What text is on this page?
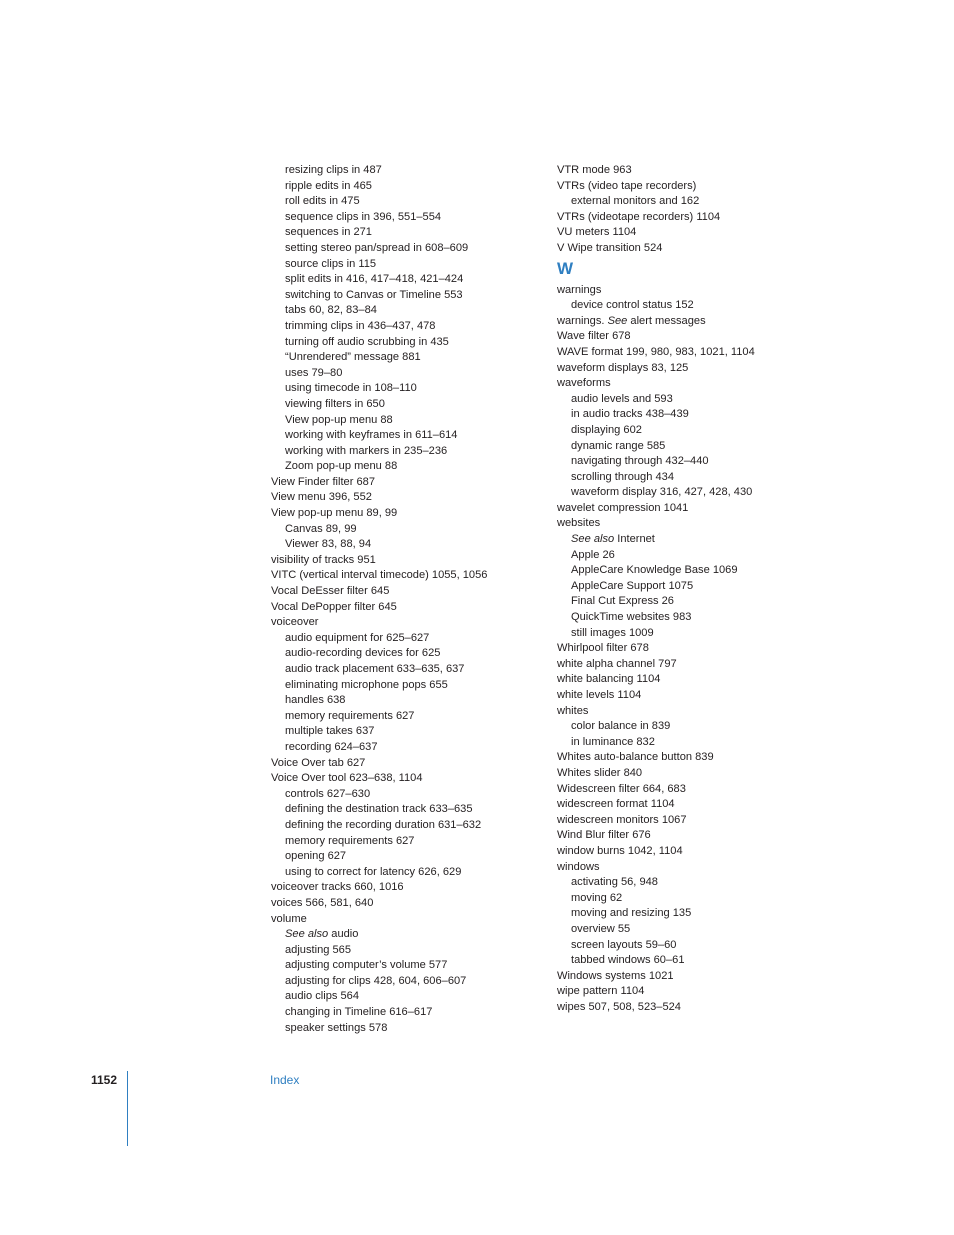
resizing clips in 487
ripple edits in 465
roll edits in 475
sequence clips in 396, 551–554
sequences in 271
setting stereo pan/spread in 608–609
source clips in 115
split edits in 416, 417–418, 421–424
switching to Canvas or Timeline 553
tabs 60, 82, 83–84
trimming clips in 436–437, 478
turning off audio scrubbing in 435
“Unrendered” message 881
uses 79–80
using timecode in 108–110
viewing filters in 650
View pop-up menu 88
working with keyframes in 611–614
working with markers in 235–236
Zoom pop-up menu 88
View Finder filter 687
View menu 396, 552
View pop-up menu 89, 99
Canvas 89, 99
Viewer 83, 88, 94
visibility of tracks 951
VITC (vertical interval timecode) 1055, 1056
Vocal DeEsser filter 645
Vocal DePopper filter 645
voiceover
audio equipment for 625–627
audio-recording devices for 625
audio track placement 633–635, 637
eliminating microphone pops 655
handles 638
memory requirements 627
multiple takes 637
recording 624–637
Voice Over tab 627
Voice Over tool 623–638, 1104
controls 627–630
defining the destination track 633–635
defining the recording duration 631–632
memory requirements 627
opening 627
using to correct for latency 626, 629
voiceover tracks 660, 1016
voices 566, 581, 640
volume
See also audio
adjusting 565
adjusting computer’s volume 577
adjusting for clips 428, 604, 606–607
audio clips 564
changing in Timeline 616–617
speaker settings 578
VTR mode 963
VTRs (video tape recorders)
external monitors and 162
VTRs (videotape recorders) 1104
VU meters 1104
V Wipe transition 524
W
warnings
device control status 152
warnings. See alert messages
Wave filter 678
WAVE format 199, 980, 983, 1021, 1104
waveform displays 83, 125
waveforms
audio levels and 593
in audio tracks 438–439
displaying 602
dynamic range 585
navigating through 432–440
scrolling through 434
waveform display 316, 427, 428, 430
wavelet compression 1041
websites
See also Internet
Apple 26
AppleCare Knowledge Base 1069
AppleCare Support 1075
Final Cut Express 26
QuickTime websites 983
still images 1009
Whirlpool filter 678
white alpha channel 797
white balancing 1104
white levels 1104
whites
color balance in 839
in luminance 832
Whites auto-balance button 839
Whites slider 840
Widescreen filter 664, 683
widescreen format 1104
widescreen monitors 1067
Wind Blur filter 676
window burns 1042, 1104
windows
activating 56, 948
moving 62
moving and resizing 135
overview 55
screen layouts 59–60
tabbed windows 60–61
Windows systems 1021
wipe pattern 1104
wipes 507, 508, 523–524
1152	Index
